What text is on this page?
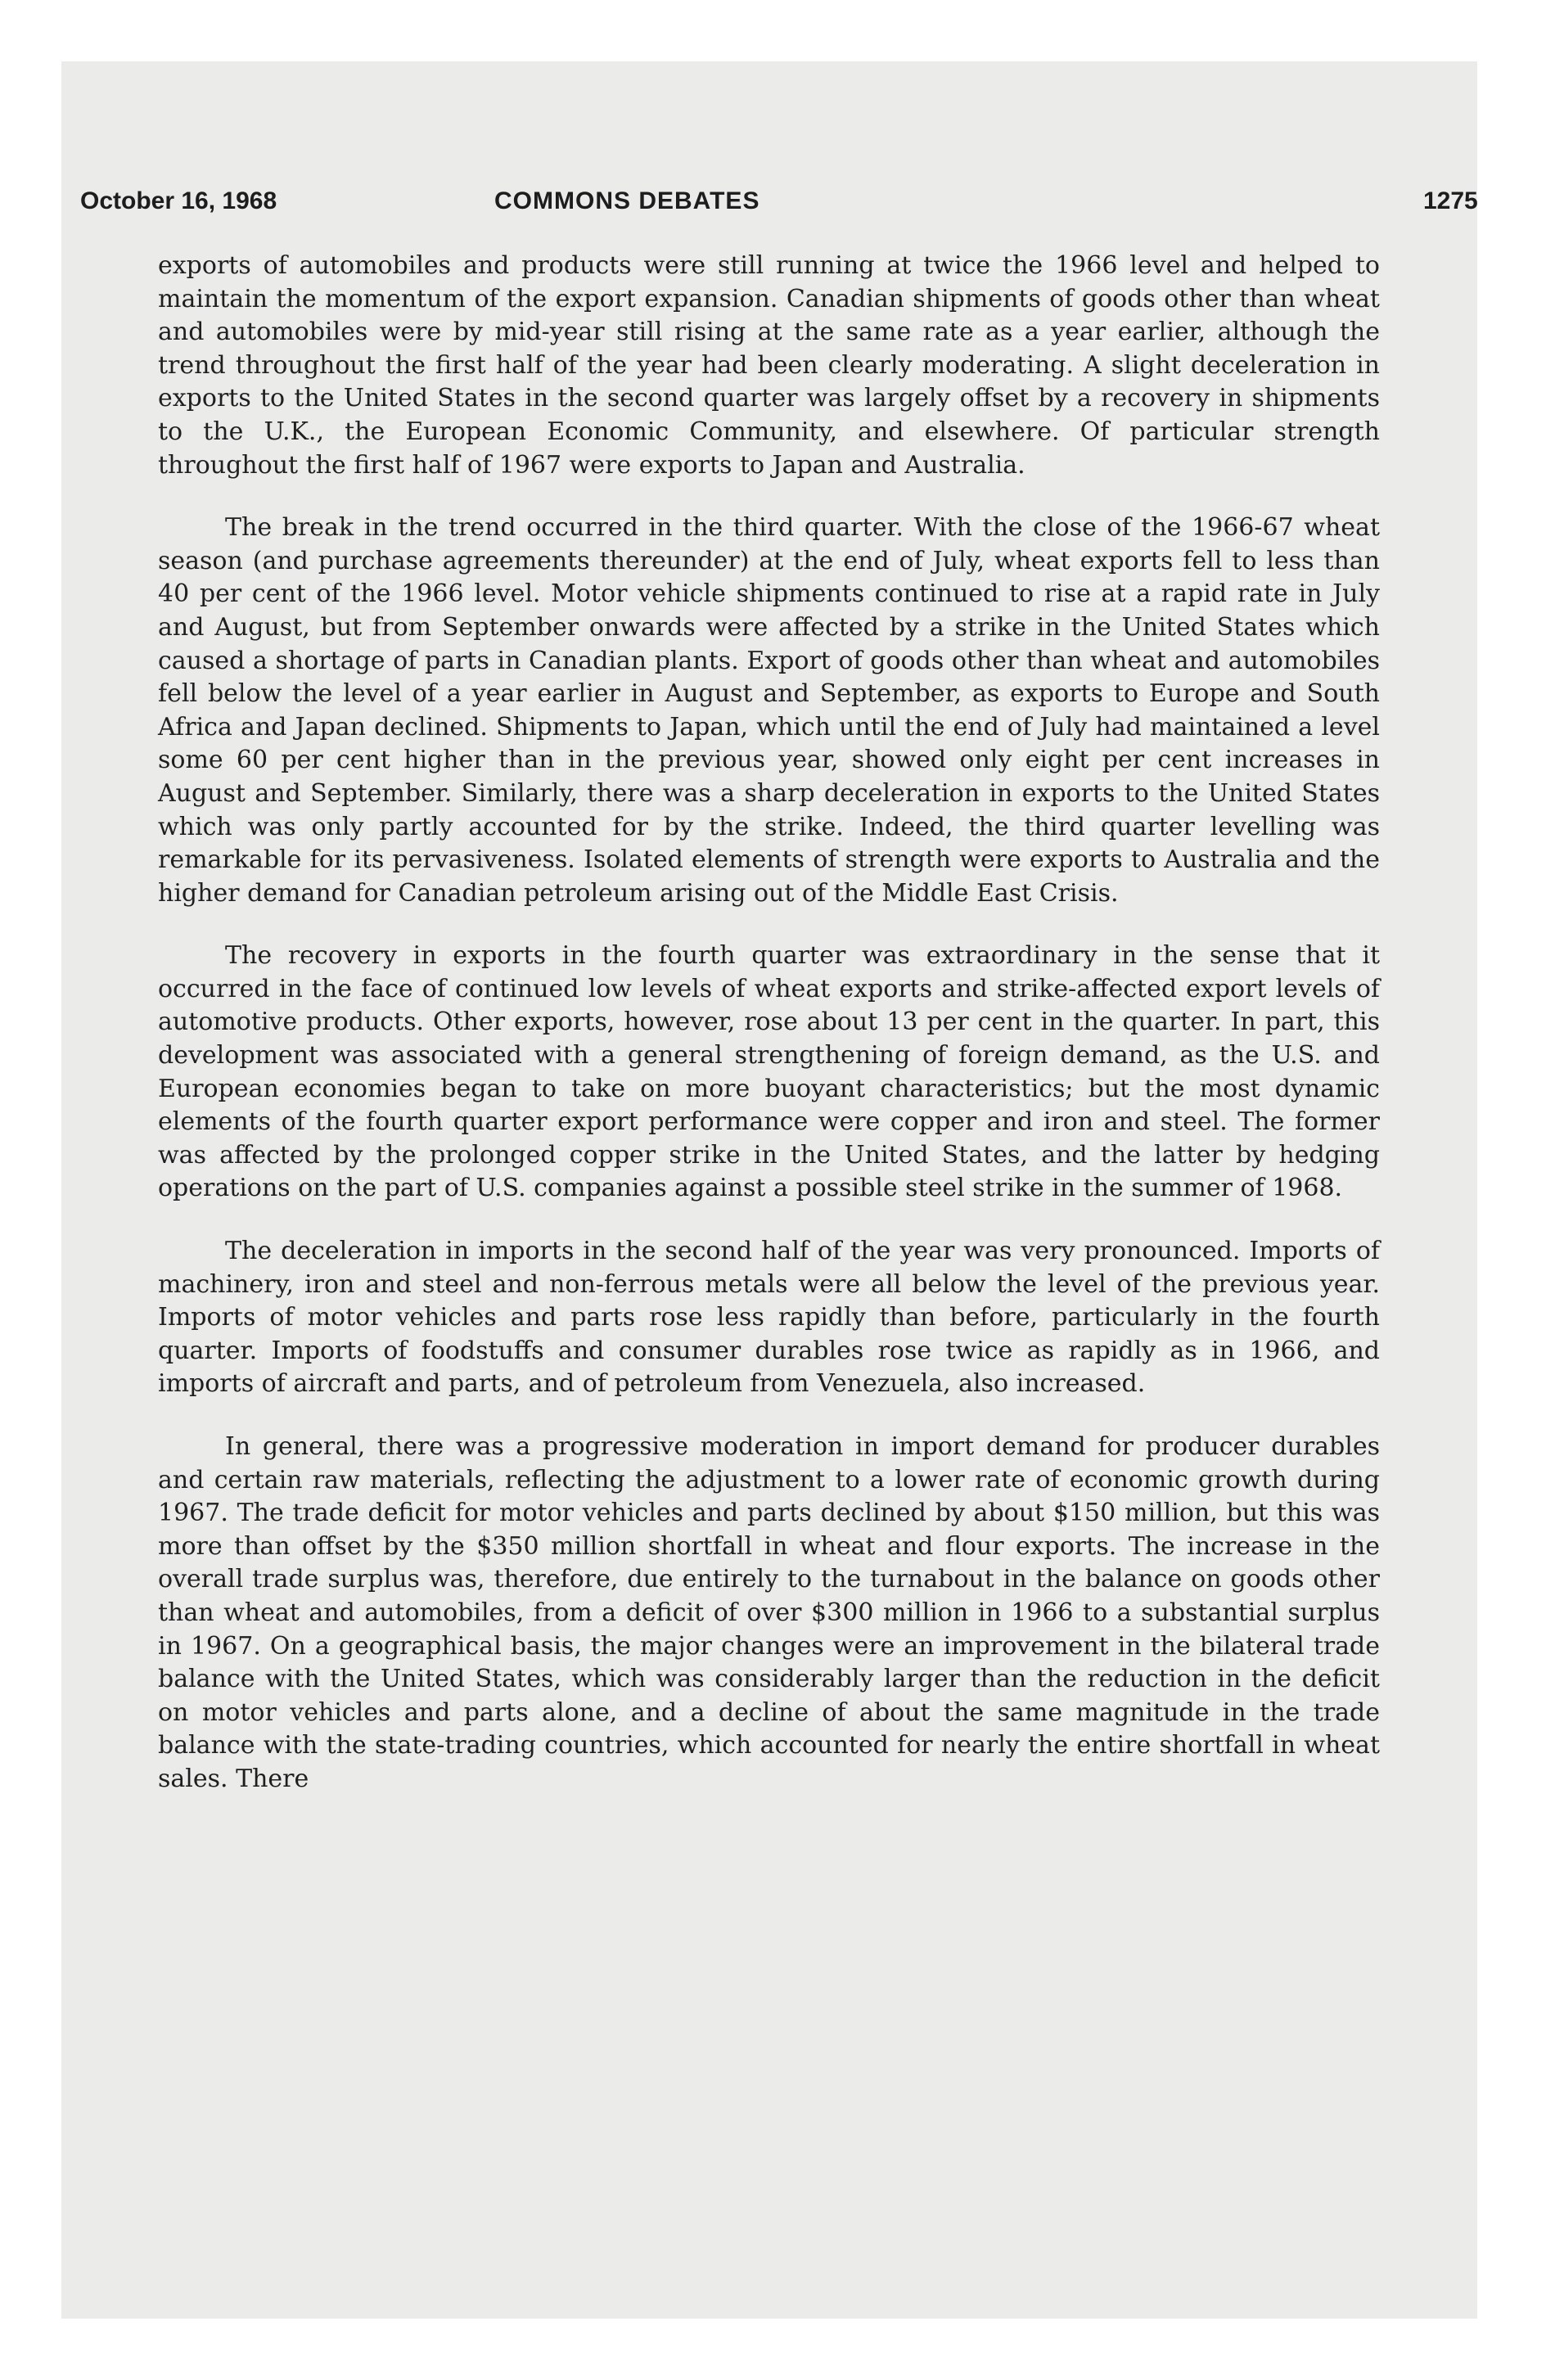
October 16, 1968	COMMONS DEBATES	1275

exports of automobiles and products were still running at twice the 1966 level and helped to maintain the momentum of the export expansion. Canadian shipments of goods other than wheat and automobiles were by mid-year still rising at the same rate as a year earlier, although the trend throughout the first half of the year had been clearly moderating. A slight deceleration in exports to the United States in the second quarter was largely offset by a recovery in shipments to the U.K., the European Economic Community, and elsewhere. Of particular strength throughout the first half of 1967 were exports to Japan and Australia.

The break in the trend occurred in the third quarter. With the close of the 1966-67 wheat season (and purchase agreements thereunder) at the end of July, wheat exports fell to less than 40 per cent of the 1966 level. Motor vehicle shipments continued to rise at a rapid rate in July and August, but from September onwards were affected by a strike in the United States which caused a shortage of parts in Canadian plants. Export of goods other than wheat and automobiles fell below the level of a year earlier in August and September, as exports to Europe and South Africa and Japan declined. Shipments to Japan, which until the end of July had maintained a level some 60 per cent higher than in the previous year, showed only eight per cent increases in August and September. Similarly, there was a sharp deceleration in exports to the United States which was only partly accounted for by the strike. Indeed, the third quarter levelling was remarkable for its pervasiveness. Isolated elements of strength were exports to Australia and the higher demand for Canadian petroleum arising out of the Middle East Crisis.

The recovery in exports in the fourth quarter was extraordinary in the sense that it occurred in the face of continued low levels of wheat exports and strike-affected export levels of automotive products. Other exports, however, rose about 13 per cent in the quarter. In part, this development was associated with a general strengthening of foreign demand, as the U.S. and European economies began to take on more buoyant characteristics; but the most dynamic elements of the fourth quarter export performance were copper and iron and steel. The former was affected by the prolonged copper strike in the United States, and the latter by hedging operations on the part of U.S. companies against a possible steel strike in the summer of 1968.

The deceleration in imports in the second half of the year was very pronounced. Imports of machinery, iron and steel and non-ferrous metals were all below the level of the previous year. Imports of motor vehicles and parts rose less rapidly than before, particularly in the fourth quarter. Imports of foodstuffs and consumer durables rose twice as rapidly as in 1966, and imports of aircraft and parts, and of petroleum from Venezuela, also increased.

In general, there was a progressive moderation in import demand for producer durables and certain raw materials, reflecting the adjustment to a lower rate of economic growth during 1967. The trade deficit for motor vehicles and parts declined by about $150 million, but this was more than offset by the $350 million shortfall in wheat and flour exports. The increase in the overall trade surplus was, therefore, due entirely to the turnabout in the balance on goods other than wheat and automobiles, from a deficit of over $300 million in 1966 to a substantial surplus in 1967. On a geographical basis, the major changes were an improvement in the bilateral trade balance with the United States, which was considerably larger than the reduction in the deficit on motor vehicles and parts alone, and a decline of about the same magnitude in the trade balance with the state-trading countries, which accounted for nearly the entire shortfall in wheat sales. There
